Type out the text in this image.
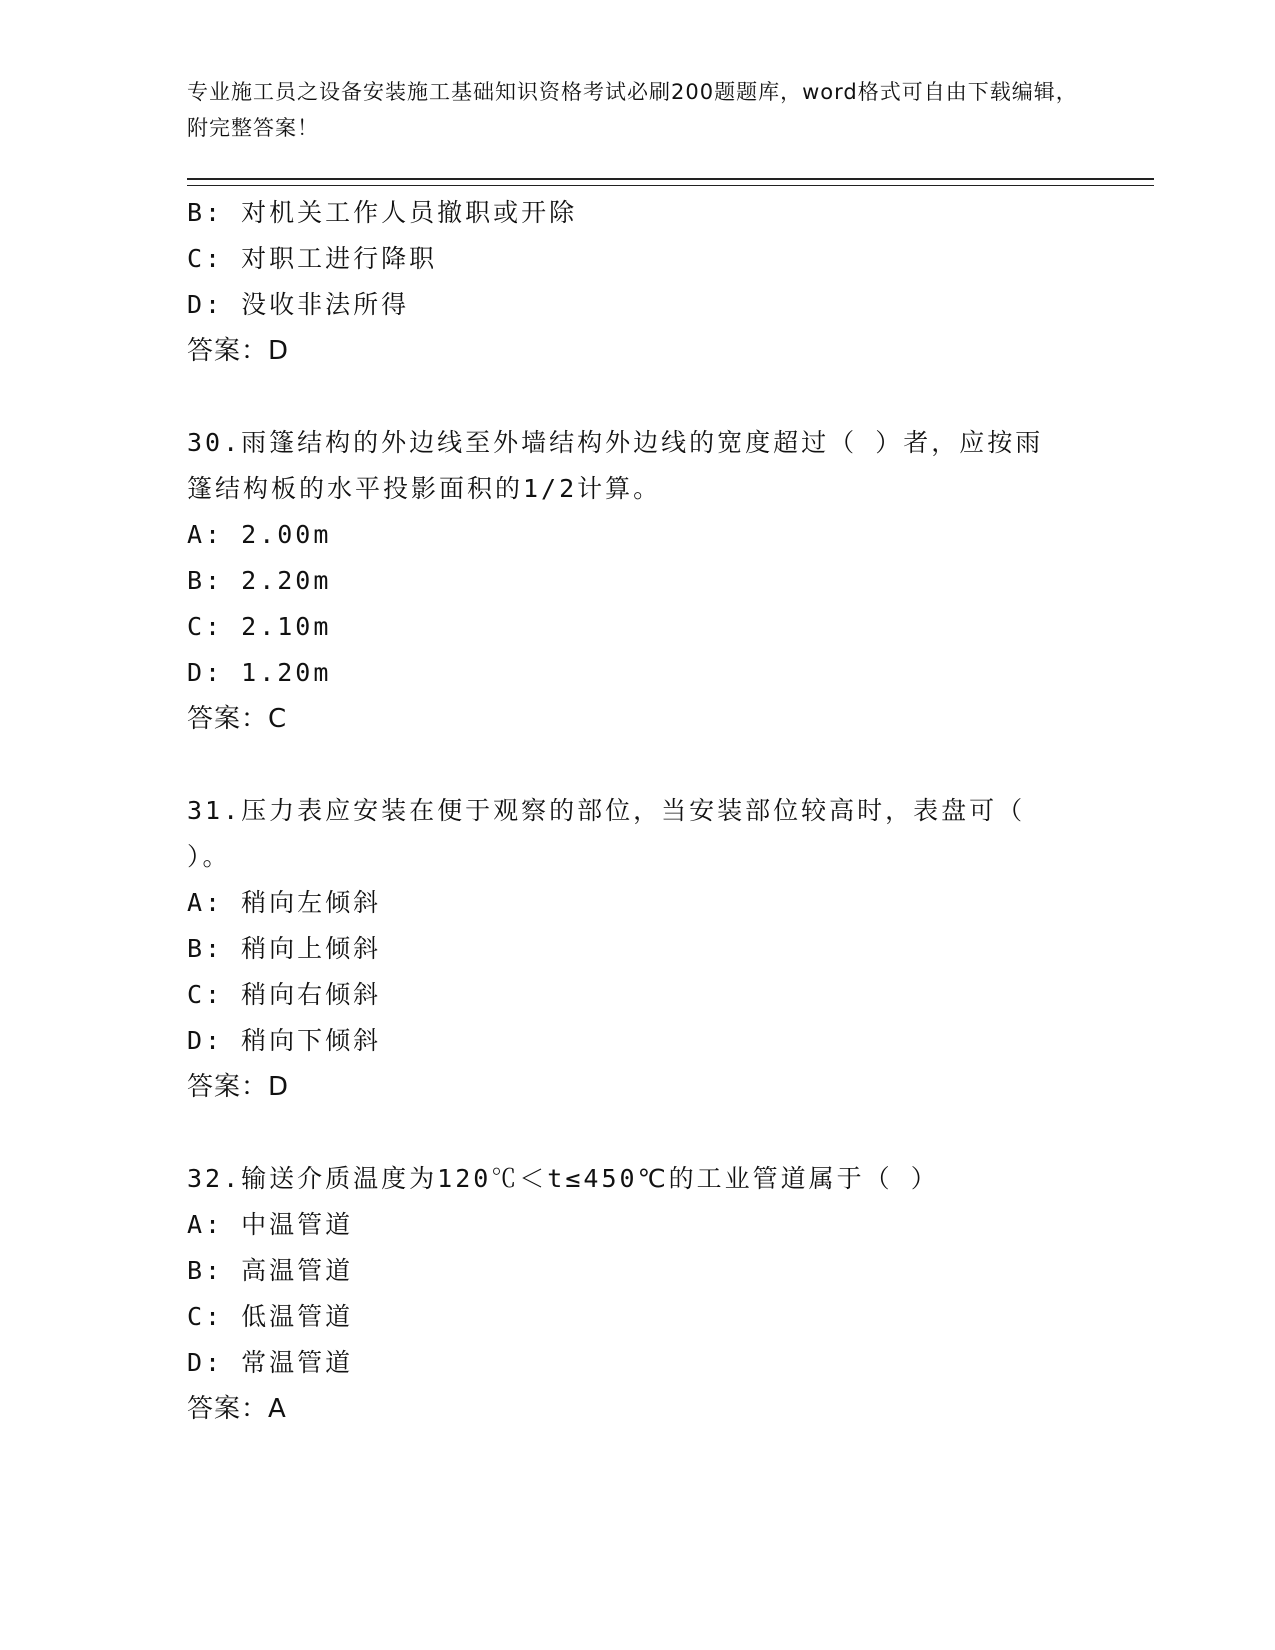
专业施工员之设备安装施工基础知识资格考试必刷200题题库，word格式可自由下载编辑，附完整答案！
B: 对机关工作人员撤职或开除
C: 对职工进行降职
D: 没收非法所得
答案：D
30.雨篷结构的外边线至外墙结构外边线的宽度超过（ ）者，应按雨
篷结构板的水平投影面积的1/2计算。
A: 2.00m
B: 2.20m
C: 2.10m
D: 1.20m
答案：C
31.压力表应安装在便于观察的部位，当安装部位较高时，表盘可（
）。
A: 稍向左倾斜
B: 稍向上倾斜
C: 稍向右倾斜
D: 稍向下倾斜
答案：D
32.输送介质温度为120℃＜t≤450℃的工业管道属于（ ）
A: 中温管道
B: 高温管道
C: 低温管道
D: 常温管道
答案：A
